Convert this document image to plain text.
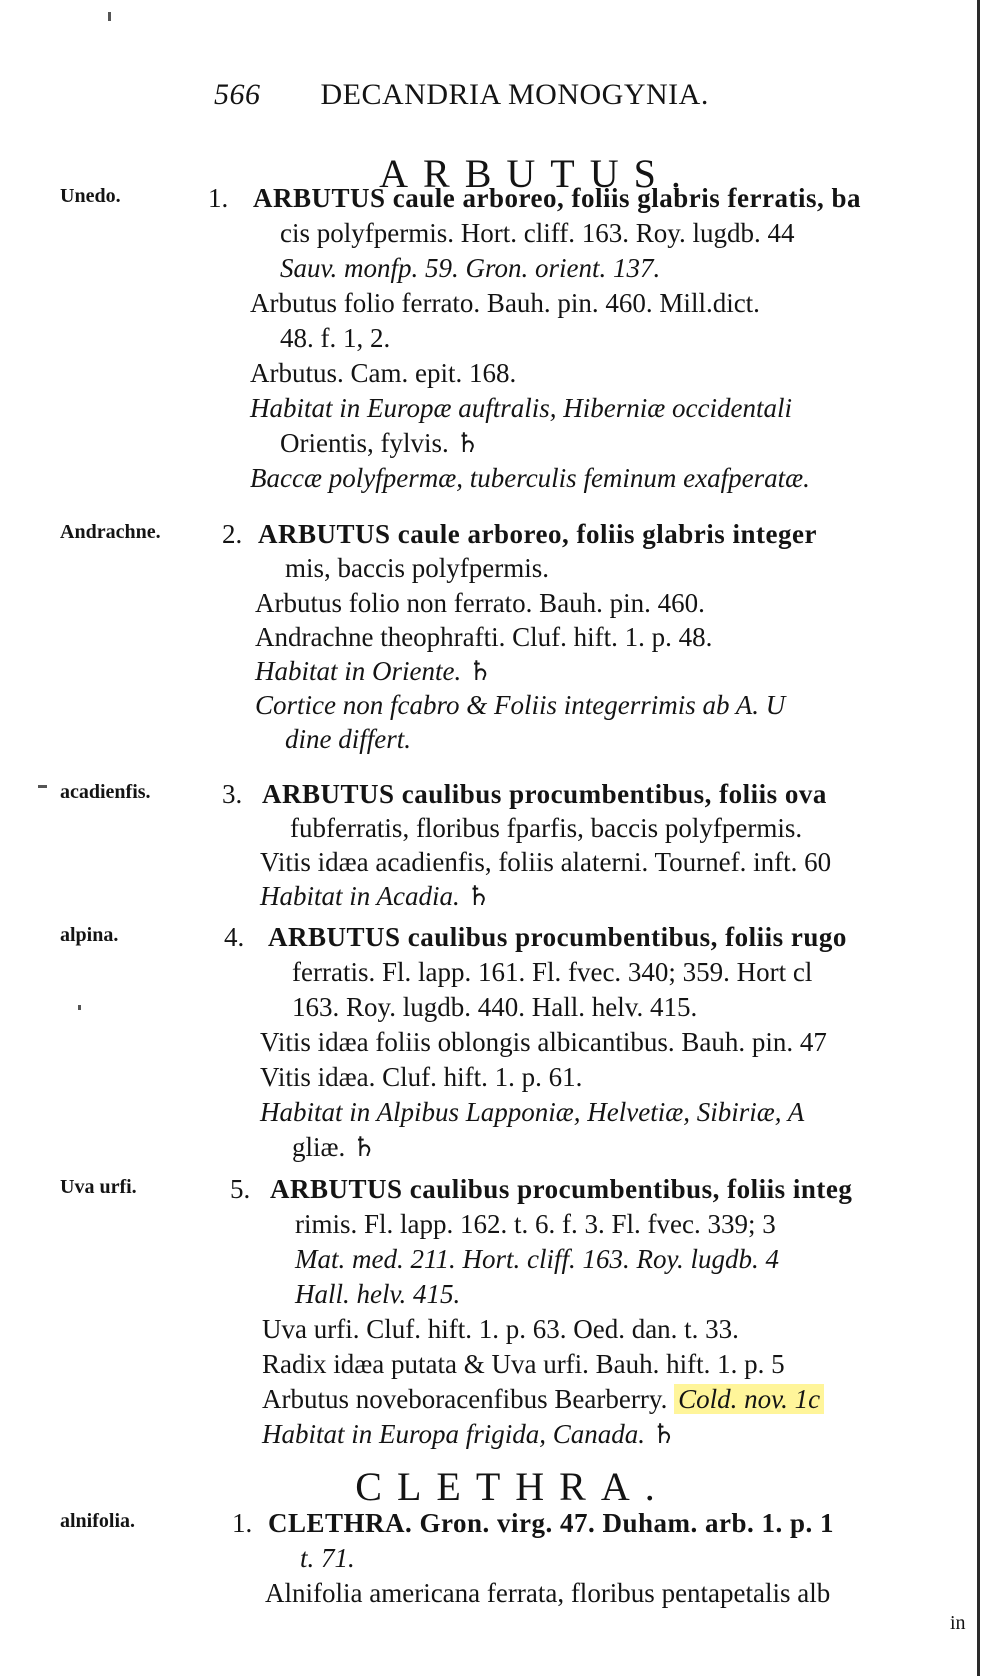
566 DECANDRIA MONOGYNIA.
ARBUTUS.
Unedo.	1. ARBUTUS caule arboreo, foliis glabris ferratis, ba
cis polyfpermis. Hort. cliff. 163. Roy. lugdb. 44
Sauv. monfp. 59. Gron. orient. 137.
Arbutus folio ferrato. Bauh. pin. 460. Mill.dict.
48. f. 1, 2.
Arbutus. Cam. epit. 168.
Habitat in Europæ auftralis, Hiberniæ occidentali
Orientis, fylvis. ♄
Baccæ polyfpermæ, tuberculis feminum exafperatæ.
Andrachne. 2. ARBUTUS caule arboreo, foliis glabris integer
mis, baccis polyfpermis.
Arbutus folio non ferrato. Bauh. pin. 460.
Andrachne theophrafti. Cluf. hift. 1. p. 48.
Habitat in Oriente. ♄
Cortice non fcabro & Foliis integerrimis ab A. U
dine differt.
acadienfis.	3. ARBUTUS caulibus procumbentibus, foliis ova
fubferratis, floribus fparfis, baccis polyfpermis.
Vitis idæa acadienfis, foliis alaterni. Tournef. inft. 60
Habitat in Acadia. ♄
alpina.	4. ARBUTUS caulibus procumbentibus, foliis rugo
ferratis. Fl. lapp. 161. Fl. fvec. 340; 359. Hort cl
163. Roy. lugdb. 440. Hall. helv. 415.
Vitis idæa foliis oblongis albicantibus. Bauh. pin. 47
Vitis idæa. Cluf. hift. 1. p. 61.
Habitat in Alpibus Lapponiæ, Helvetiæ, Sibiriæ, A
gliæ. ♄
Uva urfi.	5. ARBUTUS caulibus procumbentibus, foliis integ
rimis. Fl. lapp. 162. t. 6. f. 3. Fl. fvec. 339; 3
Mat. med. 211. Hort. cliff. 163. Roy. lugdb. 4
Hall. helv. 415.
Uva urfi. Cluf. hift. 1. p. 63. Oed. dan. t. 33.
Radix idæa putata & Uva urfi. Bauh. hift. 1. p. 5
Arbutus noveboracenfibus Bearberry. Cold. nov. 1c
Habitat in Europa frigida, Canada. ♄
CLETHRA.
alnifolia.	1. CLETHRA. Gron. virg. 47. Duham. arb. 1. p. 1
t. 71.
Alnifolia americana ferrata, floribus pentapetalis alb
in
